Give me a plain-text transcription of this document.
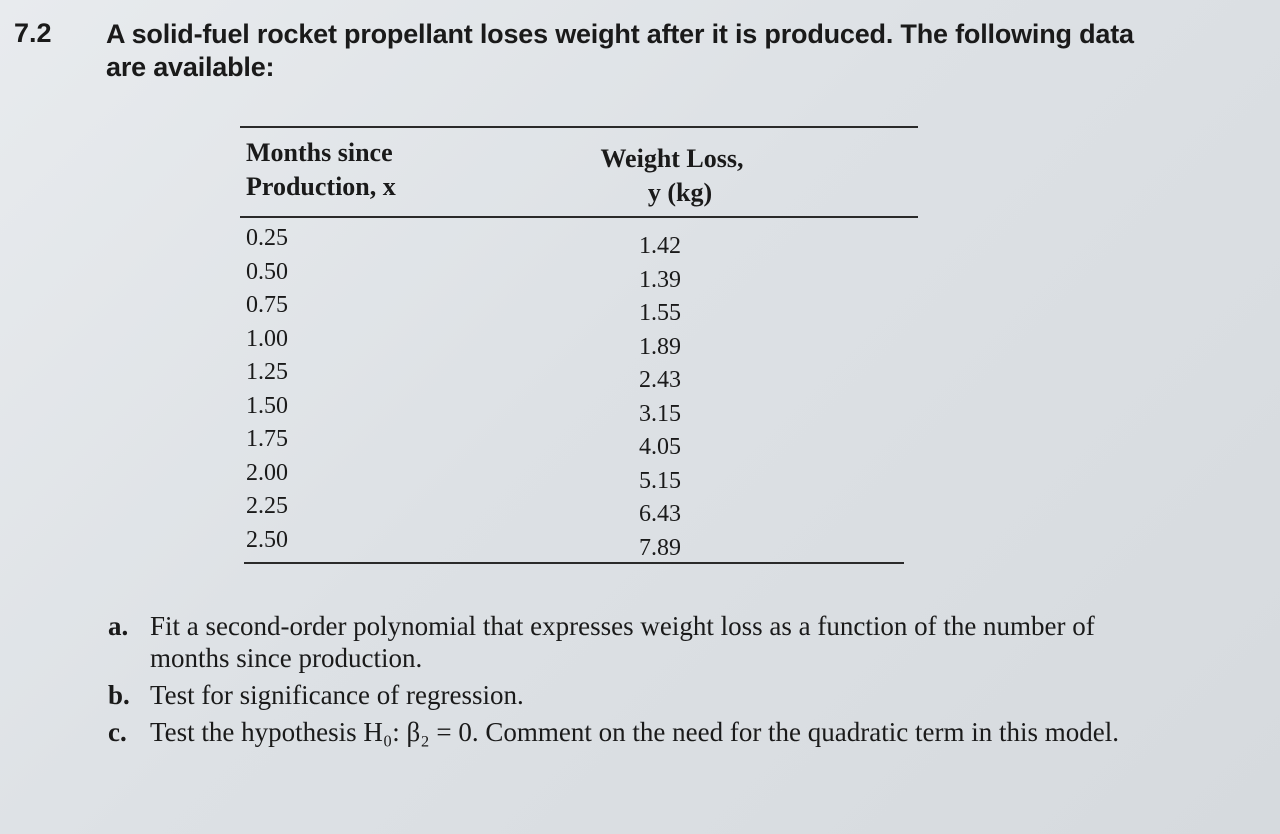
7.2 A solid-fuel rocket propellant loses weight after it is produced. The following data are available:
Months since
Production, x
Weight Loss,
y (kg)
0.25
0.50
0.75
1.00
1.25
1.50
1.75
2.00
2.25
2.50
1.42
1.39
1.55
1.89
2.43
3.15
4.05
5.15
6.43
7.89
a. Fit a second-order polynomial that expresses weight loss as a function of the number of months since production.
b. Test for significance of regression.
c. Test the hypothesis H₀: β₂ = 0. Comment on the need for the quadratic term in this model.
